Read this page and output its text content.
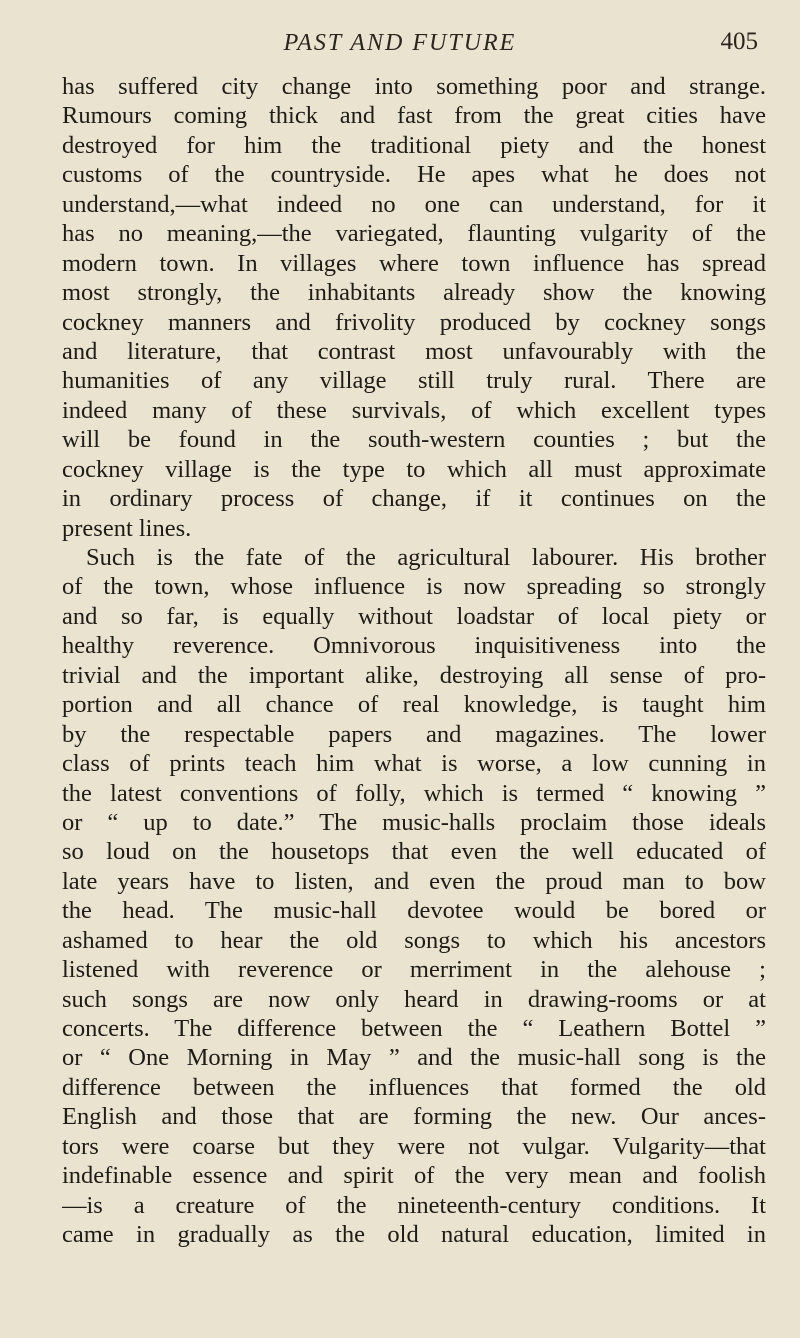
PAST AND FUTURE	405
has suffered city change into something poor and strange.
Rumours coming thick and fast from the great cities have
destroyed for him the traditional piety and the honest
customs of the countryside. He apes what he does not
understand,—what indeed no one can understand, for it
has no meaning,—the variegated, flaunting vulgarity of the
modern town. In villages where town influence has spread
most strongly, the inhabitants already show the knowing
cockney manners and frivolity produced by cockney songs
and literature, that contrast most unfavourably with the
humanities of any village still truly rural. There are
indeed many of these survivals, of which excellent types
will be found in the south-western counties ; but the
cockney village is the type to which all must approximate
in ordinary process of change, if it continues on the
present lines.
Such is the fate of the agricultural labourer. His brother
of the town, whose influence is now spreading so strongly
and so far, is equally without loadstar of local piety or
healthy reverence. Omnivorous inquisitiveness into the
trivial and the important alike, destroying all sense of pro-
portion and all chance of real knowledge, is taught him
by the respectable papers and magazines. The lower
class of prints teach him what is worse, a low cunning in
the latest conventions of folly, which is termed “ knowing ”
or “ up to date.” The music-halls proclaim those ideals
so loud on the housetops that even the well educated of
late years have to listen, and even the proud man to bow
the head. The music-hall devotee would be bored or
ashamed to hear the old songs to which his ancestors
listened with reverence or merriment in the alehouse ;
such songs are now only heard in drawing-rooms or at
concerts. The difference between the “ Leathern Bottel ”
or “ One Morning in May ” and the music-hall song is the
difference between the influences that formed the old
English and those that are forming the new. Our ances-
tors were coarse but they were not vulgar. Vulgarity—that
indefinable essence and spirit of the very mean and foolish
—is a creature of the nineteenth-century conditions. It
came in gradually as the old natural education, limited in
